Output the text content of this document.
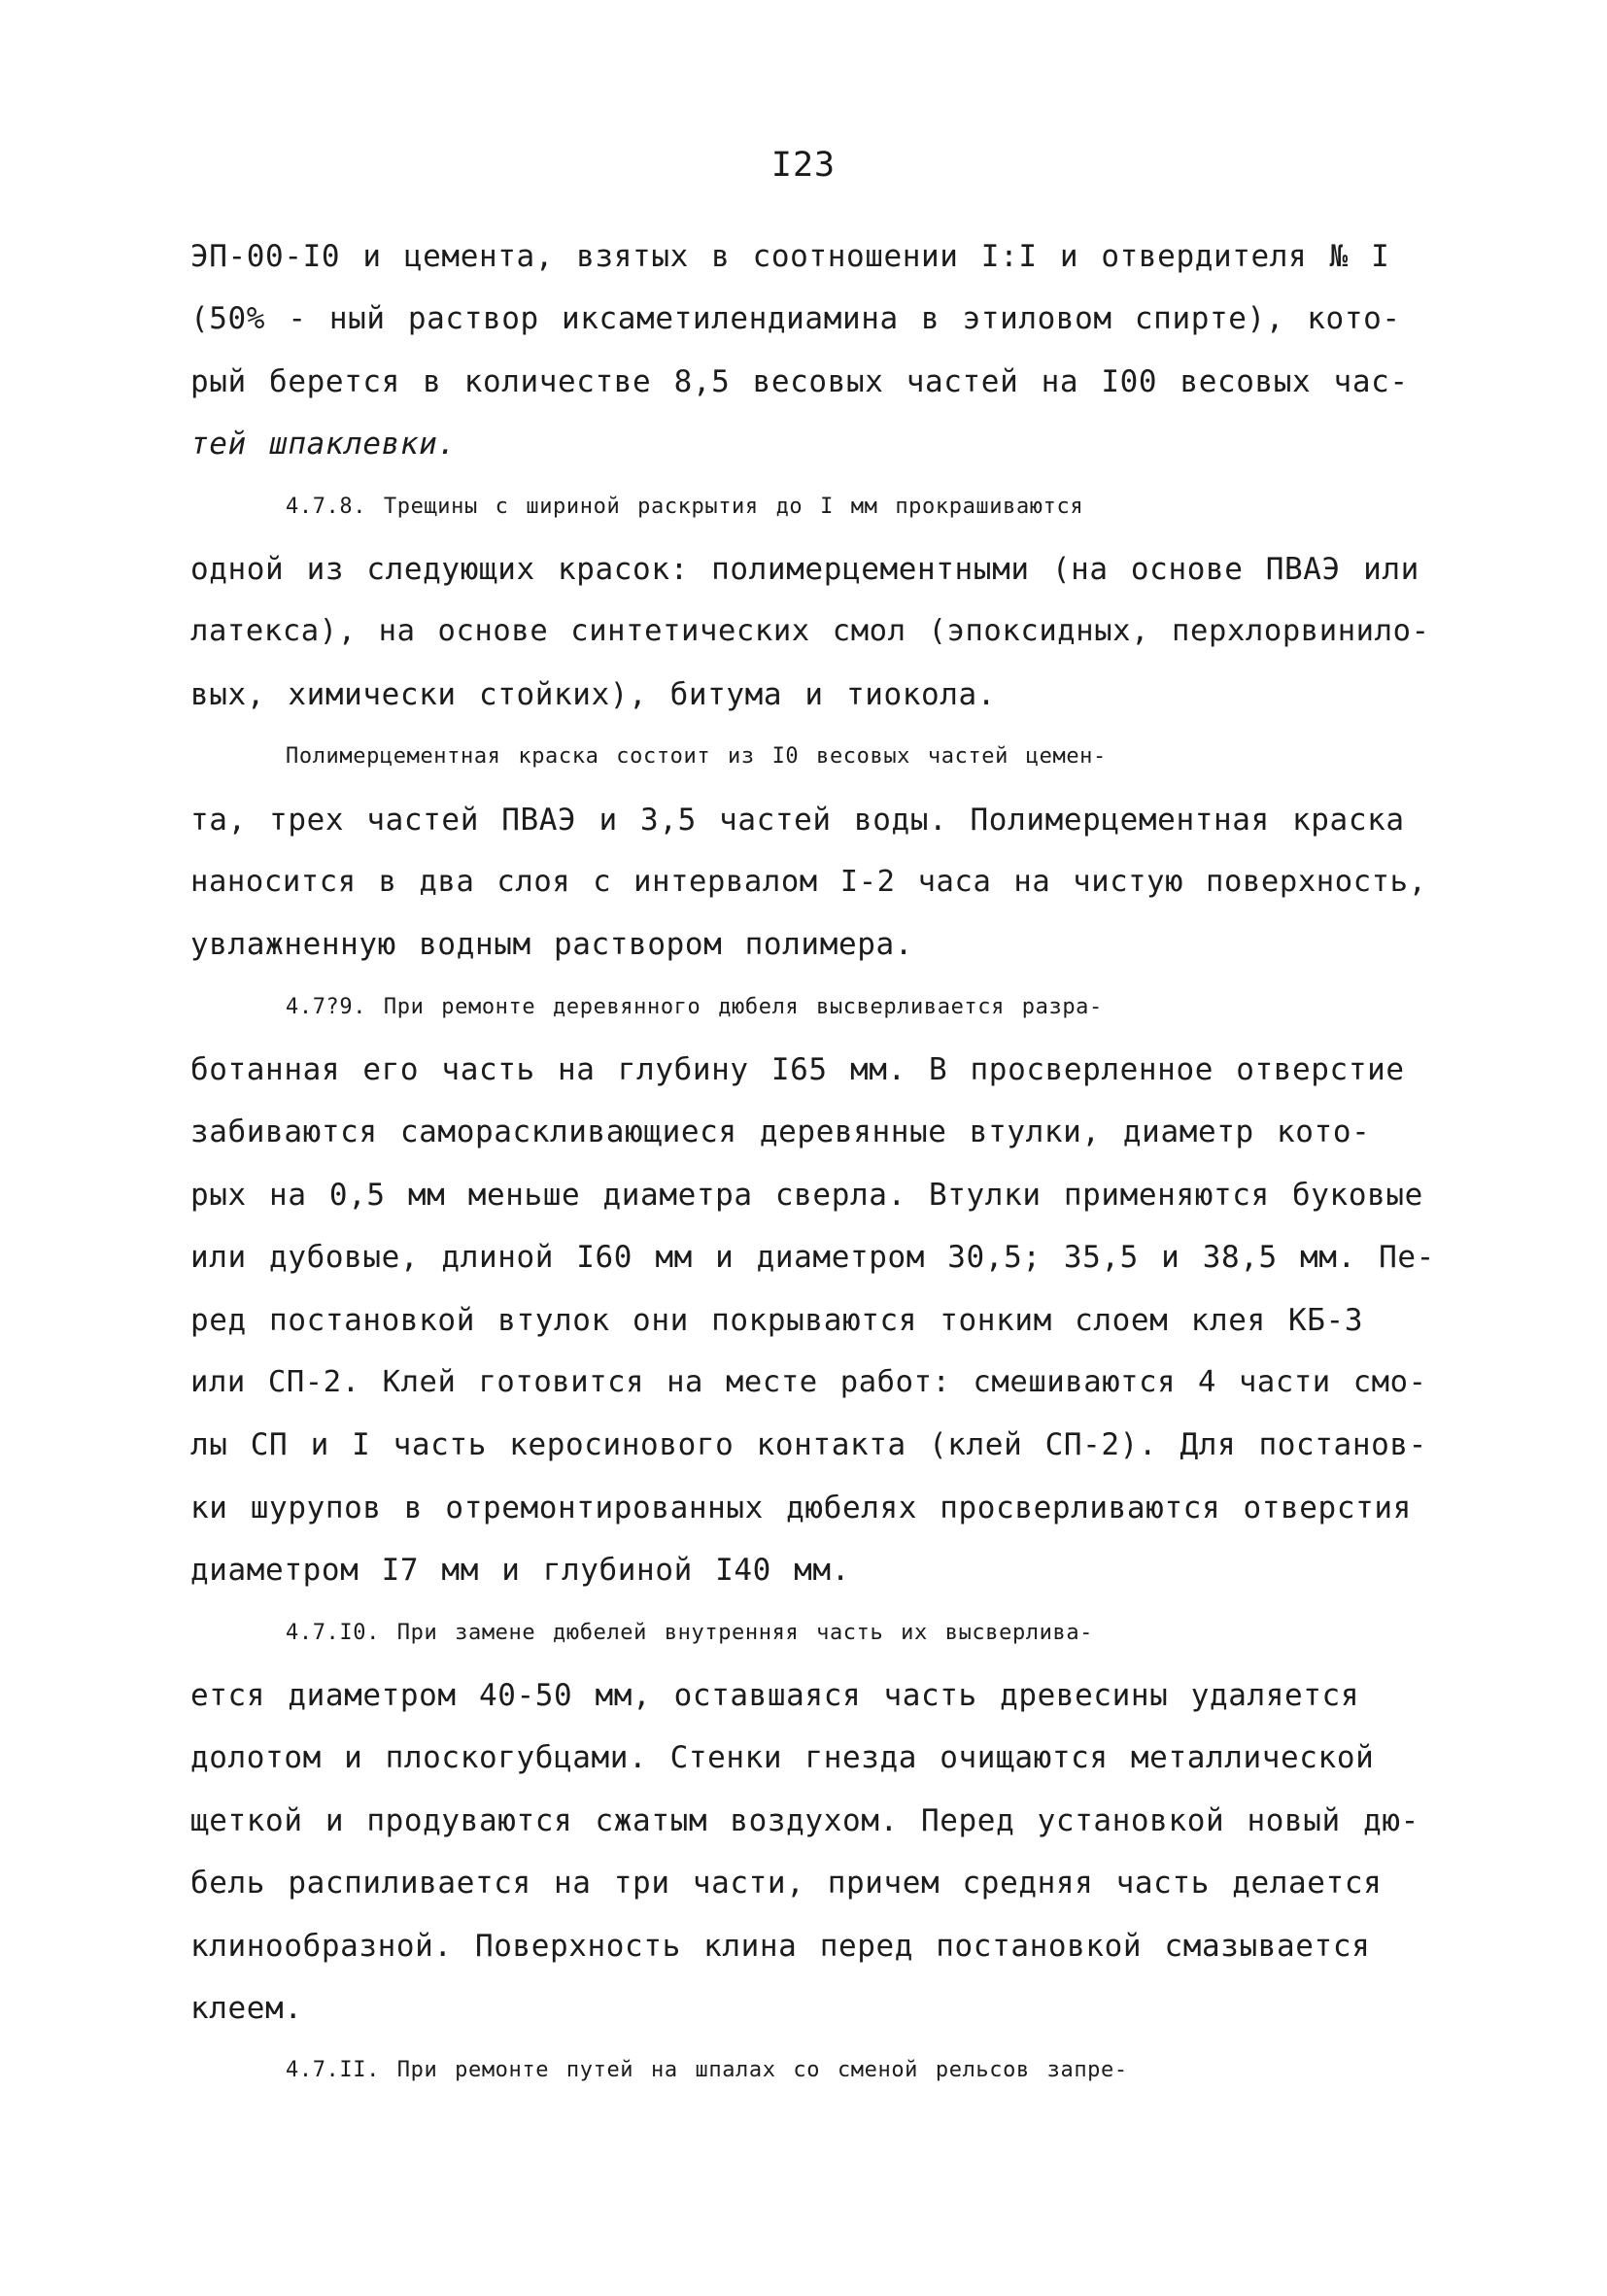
I23
ЭП-00-I0 и цемента, взятых в соотношении I:I и отвердителя № I
(50% - ный раствор иксаметилендиамина в этиловом спирте), кото-
рый берется в количестве 8,5 весовых частей на I00 весовых час-
тей шпаклевки.
4.7.8. Трещины с шириной раскрытия до I мм прокрашиваются
одной из следующих красок: полимерцементными (на основе ПВАЭ или
латекса), на основе синтетических смол (эпоксидных, перхлорвинило-
вых, химически стойких), битума и тиокола.
Полимерцементная краска состоит из I0 весовых частей цемен-
та, трех частей ПВАЭ и 3,5 частей воды. Полимерцементная краска
наносится в два слоя с интервалом I-2 часа на чистую поверхность,
увлажненную водным раствором полимера.
4.7?9. При ремонте деревянного дюбеля высверливается разра-
ботанная его часть на глубину I65 мм. В просверленное отверстие
забиваются самораскливающиеся деревянные втулки, диаметр кото-
рых на 0,5 мм меньше диаметра сверла. Втулки применяются буковые
или дубовые, длиной I60 мм и диаметром 30,5; 35,5 и 38,5 мм. Пе-
ред постановкой втулок они покрываются тонким слоем клея КБ-3
или СП-2. Клей готовится на месте работ: смешиваются 4 части смо-
лы СП и I часть керосинового контакта (клей СП-2). Для постанов-
ки шурупов в отремонтированных дюбелях просверливаются отверстия
диаметром I7 мм и глубиной I40 мм.
4.7.I0. При замене дюбелей внутренняя часть их высверлива-
ется диаметром 40-50 мм, оставшаяся часть древесины удаляется
долотом и плоскогубцами. Стенки гнезда очищаются металлической
щеткой и продуваются сжатым воздухом. Перед установкой новый дю-
бель распиливается на три части, причем средняя часть делается
клинообразной. Поверхность клина перед постановкой смазывается
клеем.
4.7.II. При ремонте путей на шпалах со сменой рельсов запре-
